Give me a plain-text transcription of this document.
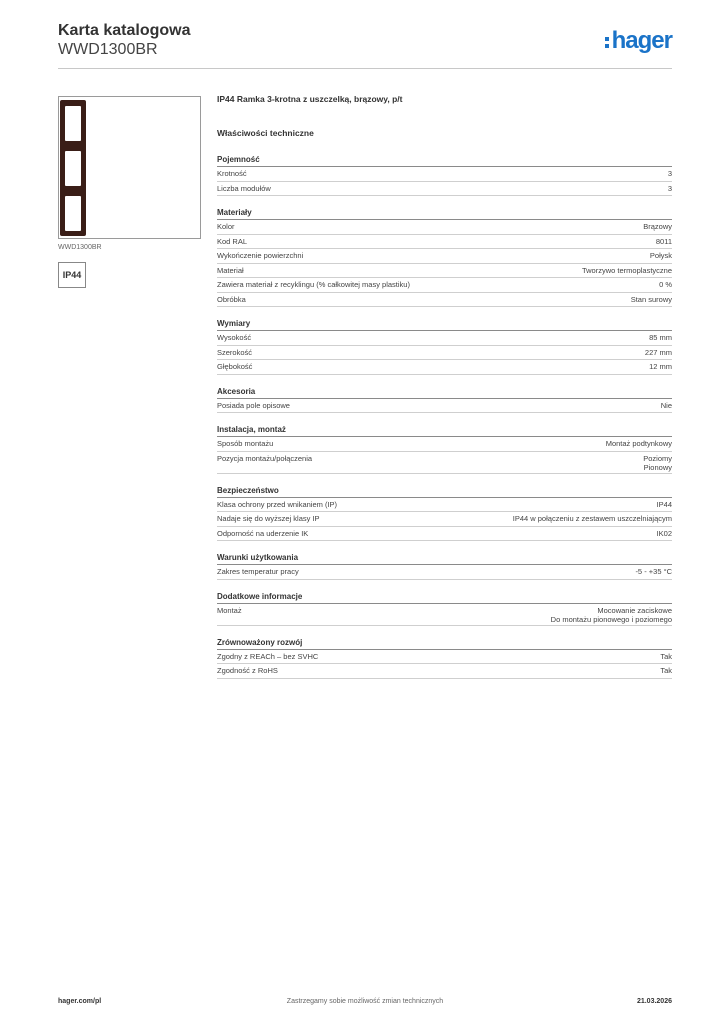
Karta katalogowa
WWD1300BR	hager
WWD1300BR
IP44
IP44 Ramka 3-krotna z uszczelką, brązowy, p/t
Właściwości techniczne
Pojemność
Krotność	3
Liczba modułów	3
Materiały
Kolor	Brązowy
Kod RAL	8011
Wykończenie powierzchni	Połysk
Materiał	Tworzywo termoplastyczne
Zawiera materiał z recyklingu (% całkowitej masy plastiku)	0 %
Obróbka	Stan surowy
Wymiary
Wysokość	85 mm
Szerokość	227 mm
Głębokość	12 mm
Akcesoria
Posiada pole opisowe	Nie
Instalacja, montaż
Sposób montażu	Montaż podtynkowy
Pozycja montażu/połączenia	Poziomy
Pionowy
Bezpieczeństwo
Klasa ochrony przed wnikaniem (IP)	IP44
Nadaje się do wyższej klasy IP	IP44 w połączeniu z zestawem uszczelniającym
Odporność na uderzenie IK	IK02
Warunki użytkowania
Zakres temperatur pracy	-5 - +35 °C
Dodatkowe informacje
Montaż	Mocowanie zaciskowe
Do montażu pionowego i poziomego
Zrównoważony rozwój
Zgodny z REACh – bez SVHC	Tak
Zgodność z RoHS	Tak
hager.com/pl	Zastrzegamy sobie możliwość zmian technicznych	21.03.2026
